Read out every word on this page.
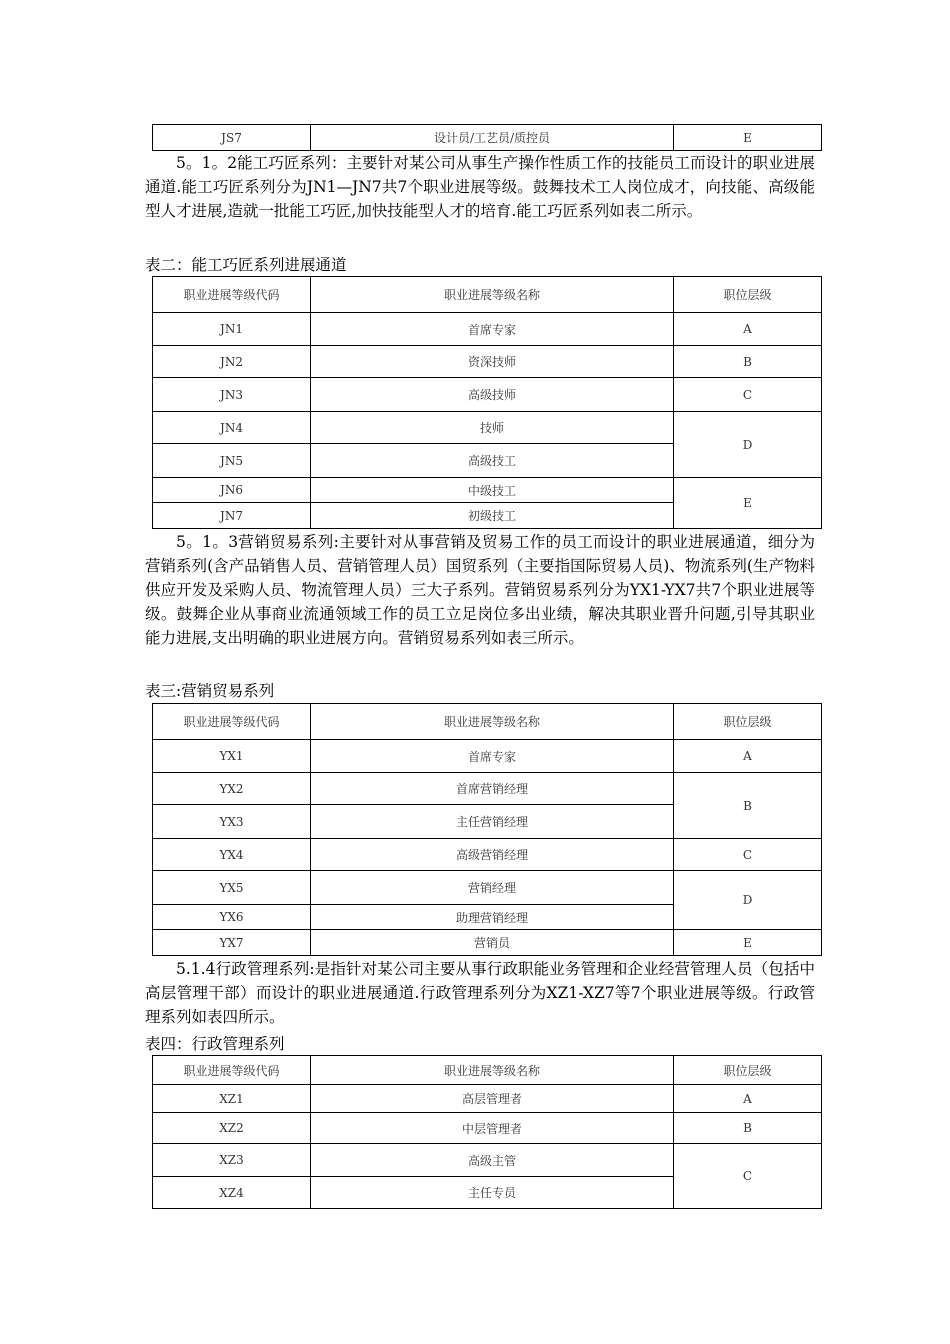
JS7	设计员/工艺员/质控员	E

5。1。2能工巧匠系列：主要针对某公司从事生产操作性质工作的技能员工而设计的职业进展通道.能工巧匠系列分为JN1—JN7共7个职业进展等级。鼓舞技术工人岗位成才，向技能、高级能型人才进展,造就一批能工巧匠,加快技能型人才的培育.能工巧匠系列如表二所示。

表二：能工巧匠系列进展通道

职业进展等级代码	职业进展等级名称	职位层级
JN1	首席专家	A
JN2	资深技师	B
JN3	高级技师	C
JN4	技师	D
JN5	高级技工	
JN6	中级技工	E
JN7	初级技工	

5。1。3营销贸易系列:主要针对从事营销及贸易工作的员工而设计的职业进展通道，细分为营销系列(含产品销售人员、营销管理人员）国贸系列（主要指国际贸易人员)、物流系列(生产物料供应开发及采购人员、物流管理人员）三大子系列。营销贸易系列分为YX1-YX7共7个职业进展等级。鼓舞企业从事商业流通领域工作的员工立足岗位多出业绩，解决其职业晋升问题,引导其职业能力进展,支出明确的职业进展方向。营销贸易系列如表三所示。

表三:营销贸易系列

职业进展等级代码	职业进展等级名称	职位层级
YX1	首席专家	A
YX2	首席营销经理	B
YX3	主任营销经理	
YX4	高级营销经理	C
YX5	营销经理	D
YX6	助理营销经理	
YX7	营销员	E

5.1.4行政管理系列:是指针对某公司主要从事行政职能业务管理和企业经营管理人员（包括中高层管理干部）而设计的职业进展通道.行政管理系列分为XZ1-XZ7等7个职业进展等级。行政管理系列如表四所示。

表四：行政管理系列

职业进展等级代码	职业进展等级名称	职位层级
XZ1	高层管理者	A
XZ2	中层管理者	B
XZ3	高级主管	C
XZ4	主任专员	
